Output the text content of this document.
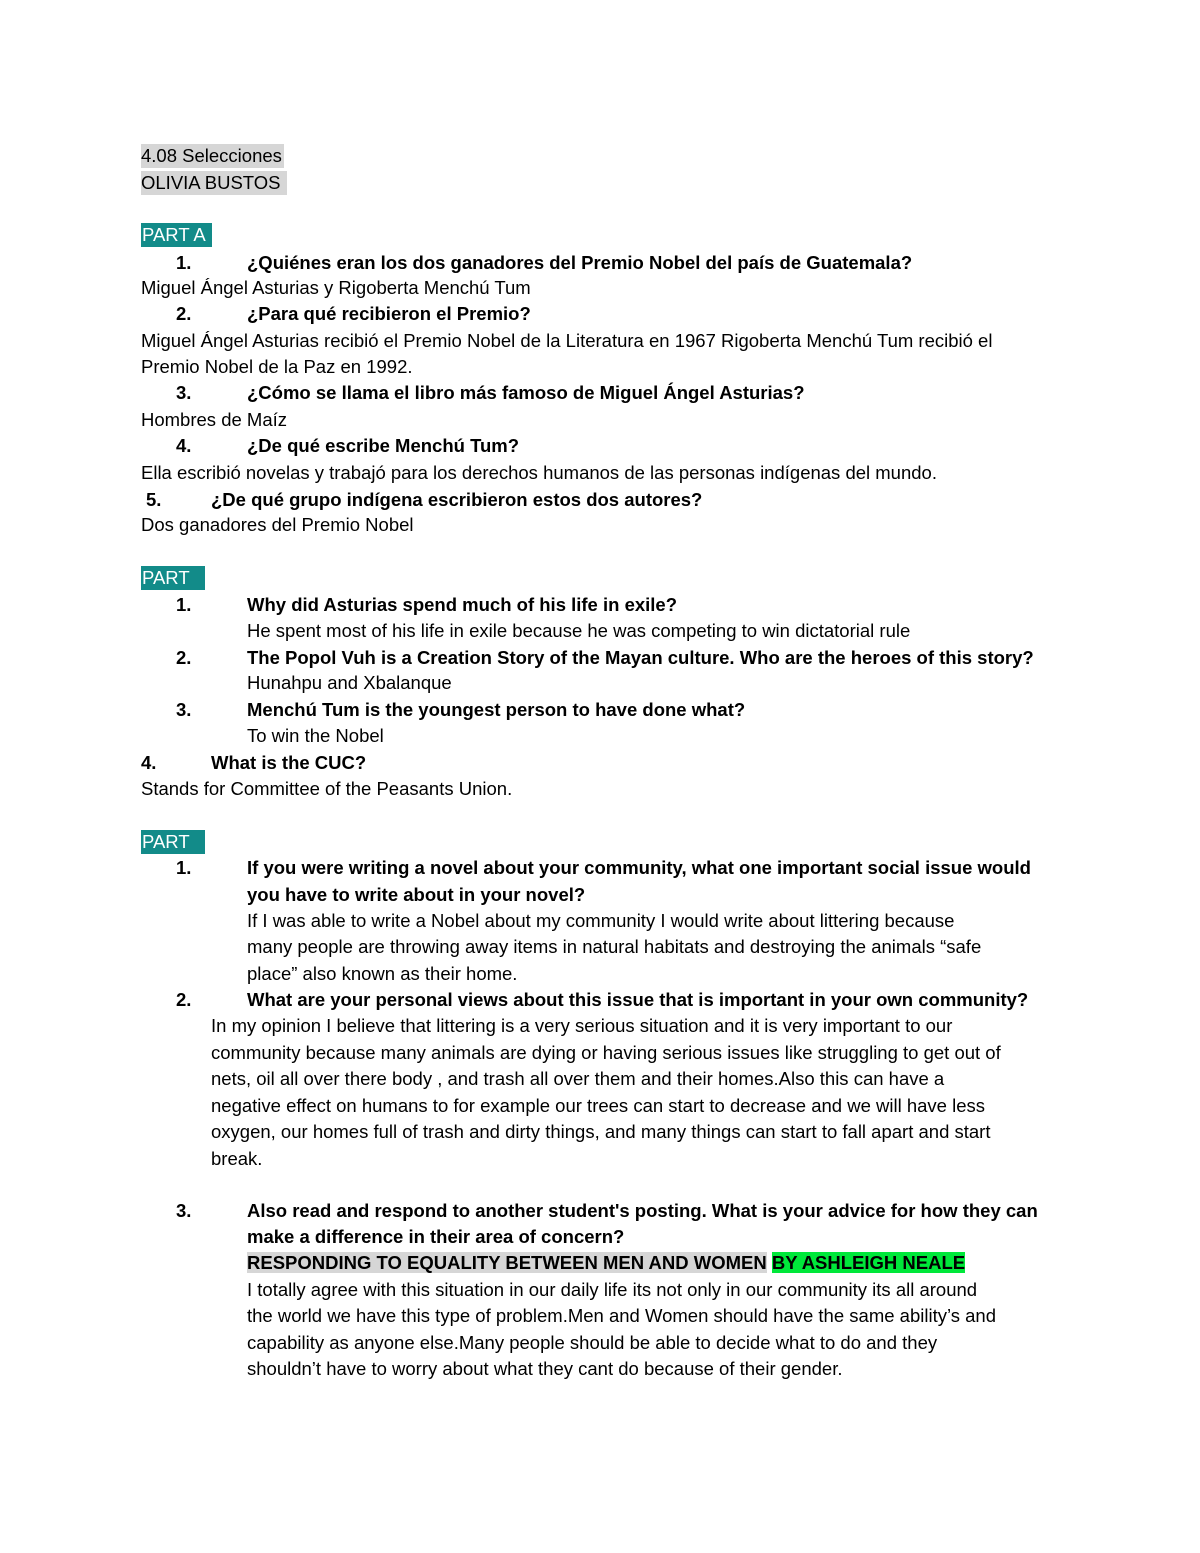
4.08 Selecciones
OLIVIA BUSTOS
PART A
1.	¿Quiénes eran los dos ganadores del Premio Nobel del país de Guatemala?
Miguel Ángel Asturias y Rigoberta Menchú Tum
2.	¿Para qué recibieron el Premio?
Miguel Ángel Asturias recibió el Premio Nobel de la Literatura en 1967 Rigoberta Menchú Tum recibió el
Premio Nobel de la Paz en 1992.
3.	¿Cómo se llama el libro más famoso de Miguel Ángel Asturias?
Hombres de Maíz
4.	¿De qué escribe Menchú Tum?
Ella escribió novelas y trabajó para los derechos humanos de las personas indígenas del mundo.
5.	¿De qué grupo indígena escribieron estos dos autores?
Dos ganadores del Premio Nobel
PART B	1.	Why did Asturias spend much of his life in exile?
He spent most of his life in exile because he was competing to win dictatorial rule
2.	The Popol Vuh is a Creation Story of the Mayan culture. Who are the heroes of this story?
Hunahpu and Xbalanque
3.	Menchú Tum is the youngest person to have done what?
To win the Nobel
4.	What is the CUC?
Stands for Committee of the Peasants Union.
PART C	1.	If you were writing a novel about your community, what one important social issue would
you have to write about in your novel?
If I was able to write a Nobel about my community I would write about littering because
many people are throwing away items in natural habitats and destroying the animals “safe
place” also known as their home.
2.	What are your personal views about this issue that is important in your own community?
In my opinion I believe that littering is a very serious situation and it is very important to our
community because many animals are dying or having serious issues like struggling to get out of
nets, oil all over there body , and trash all over them and their homes.Also this can have a
negative effect on humans to for example our trees can start to decrease and we will have less
oxygen, our homes full of trash and dirty things, and many things can start to fall apart and start
break.
3.	Also read and respond to another student's posting. What is your advice for how they can
make a difference in their area of concern?
RESPONDING TO EQUALITY BETWEEN MEN AND WOMEN BY ASHLEIGH NEALE
I totally agree with this situation in our daily life its not only in our community its all around
the world we have this type of problem.Men and Women should have the same ability’s and
capability as anyone else.Many people should be able to decide what to do and they
shouldn’t have to worry about what they cant do because of their gender.
